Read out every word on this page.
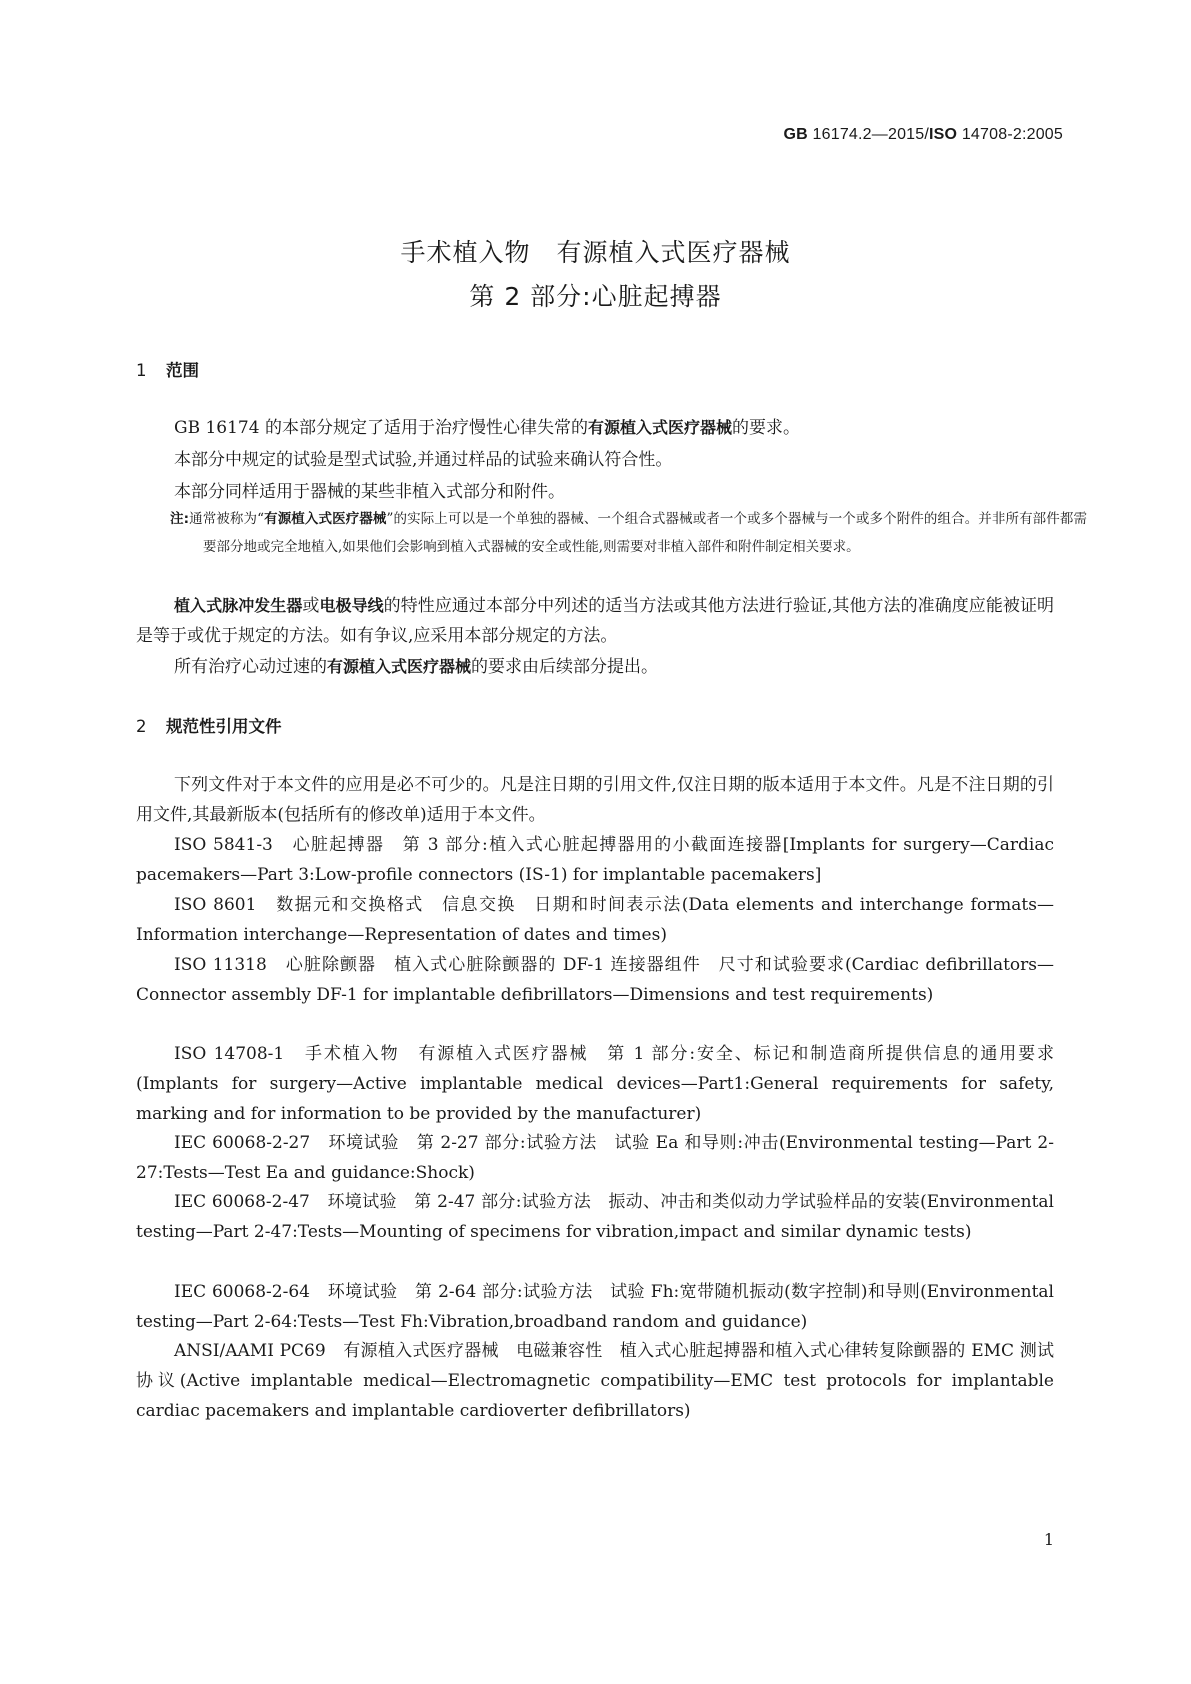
GB 16174.2—2015/ISO 14708-2:2005
手术植入物　有源植入式医疗器械
第 2 部分:心脏起搏器
1 范围
GB 16174 的本部分规定了适用于治疗慢性心律失常的有源植入式医疗器械的要求。
本部分中规定的试验是型式试验,并通过样品的试验来确认符合性。
本部分同样适用于器械的某些非植入式部分和附件。
注:通常被称为“有源植入式医疗器械”的实际上可以是一个单独的器械、一个组合式器械或者一个或多个器械与一个或多个附件的组合。并非所有部件都需要部分地或完全地植入,如果他们会影响到植入式器械的安全或性能,则需要对非植入部件和附件制定相关要求。
植入式脉冲发生器或电极导线的特性应通过本部分中列述的适当方法或其他方法进行验证,其他方法的准确度应能被证明是等于或优于规定的方法。如有争议,应采用本部分规定的方法。
所有治疗心动过速的有源植入式医疗器械的要求由后续部分提出。
2 规范性引用文件
下列文件对于本文件的应用是必不可少的。凡是注日期的引用文件,仅注日期的版本适用于本文件。凡是不注日期的引用文件,其最新版本(包括所有的修改单)适用于本文件。
ISO 5841-3　心脏起搏器　第 3 部分:植入式心脏起搏器用的小截面连接器[Implants for surgery—Cardiac pacemakers—Part 3:Low-profile connectors (IS-1) for implantable pacemakers]
ISO 8601　数据元和交换格式　信息交换　日期和时间表示法(Data elements and interchange formats—Information interchange—Representation of dates and times)
ISO 11318　心脏除颤器　植入式心脏除颤器的 DF-1 连接器组件　尺寸和试验要求(Cardiac defibrillators—Connector assembly DF-1 for implantable defibrillators—Dimensions and test requirements)
ISO 14708-1　手术植入物　有源植入式医疗器械　第 1 部分:安全、标记和制造商所提供信息的通用要求(Implants for surgery—Active implantable medical devices—Part1:General requirements for safety, marking and for information to be provided by the manufacturer)
IEC 60068-2-27　环境试验　第 2-27 部分:试验方法　试验 Ea 和导则:冲击(Environmental testing—Part 2-27:Tests—Test Ea and guidance:Shock)
IEC 60068-2-47　环境试验　第 2-47 部分:试验方法　振动、冲击和类似动力学试验样品的安装(Environmental testing—Part 2-47:Tests—Mounting of specimens for vibration,impact and similar dynamic tests)
IEC 60068-2-64　环境试验　第 2-64 部分:试验方法　试验 Fh:宽带随机振动(数字控制)和导则(Environmental testing—Part 2-64:Tests—Test Fh:Vibration,broadband random and guidance)
ANSI/AAMI PC69　有源植入式医疗器械　电磁兼容性　植入式心脏起搏器和植入式心律转复除颤器的 EMC 测试协议(Active implantable medical—Electromagnetic compatibility—EMC test protocols for implantable cardiac pacemakers and implantable cardioverter defibrillators)
1
